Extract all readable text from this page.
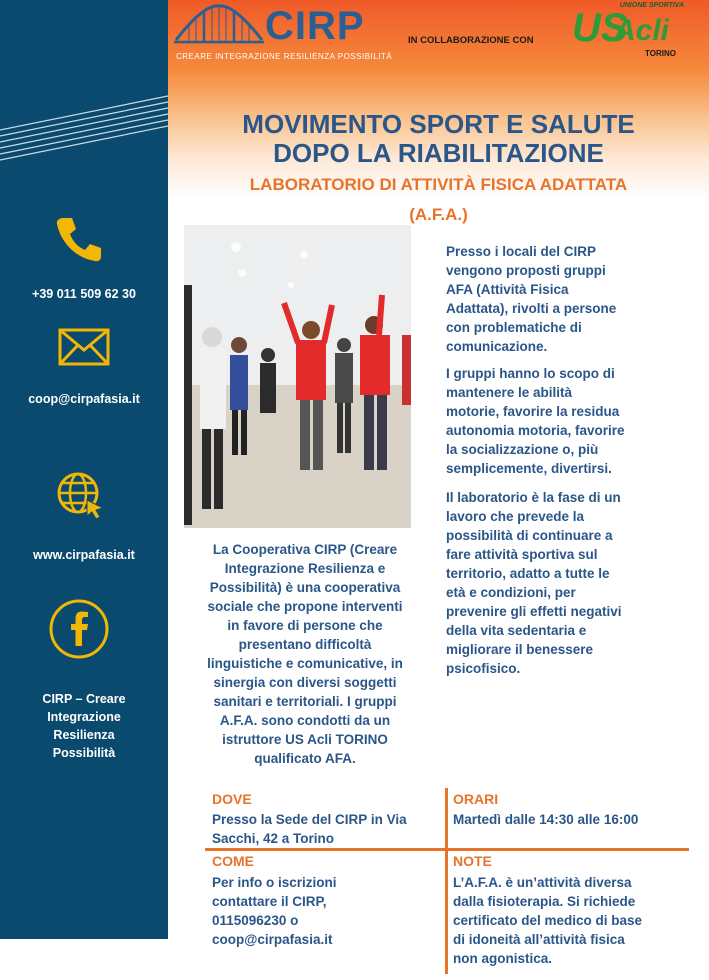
+39 011 509 62 30
coop@cirpafasia.it
www.cirpafasia.it
CIRP – Creare
Integrazione
Resilienza
Possibilità
CIRP
CREARE INTEGRAZIONE RESILIENZA POSSIBILITÀ
IN COLLABORAZIONE CON
UNIONE SPORTIVA
US
Acli
TORINO
MOVIMENTO SPORT E SALUTE
DOPO LA RIABILITAZIONE
LABORATORIO DI ATTIVITÀ FISICA ADATTATA
(A.F.A.)
La Cooperativa CIRP (Creare
Integrazione Resilienza e
Possibilità) è una cooperativa
sociale che propone interventi
in favore di persone che
presentano difficoltà
linguistiche e comunicative, in
sinergia con diversi soggetti
sanitari e territoriali. I gruppi
A.F.A. sono condotti da un
istruttore US Acli TORINO
qualificato AFA.
Presso i locali del CIRP
vengono proposti gruppi
AFA (Attività Fisica
Adattata), rivolti a persone
con problematiche di
comunicazione.
I gruppi hanno lo scopo di
mantenere le abilità
motorie, favorire la residua
autonomia motoria, favorire
la socializzazione o, più
semplicemente, divertirsi.
Il laboratorio è la fase di un
lavoro che prevede la
possibilità di continuare a
fare attività sportiva sul
territorio, adatto a tutte le
età e condizioni, per
prevenire gli effetti negativi
della vita sedentaria e
migliorare il benessere
psicofisico.
DOVE
Presso la Sede del CIRP in Via
Sacchi, 42 a Torino
ORARI
Martedì dalle 14:30 alle 16:00
COME
Per info o iscrizioni
contattare il CIRP,
0115096230 o
coop@cirpafasia.it
NOTE
L’A.F.A. è un’attività diversa
dalla fisioterapia. Si richiede
certificato del medico di base
di idoneità all’attività fisica
non agonistica.
